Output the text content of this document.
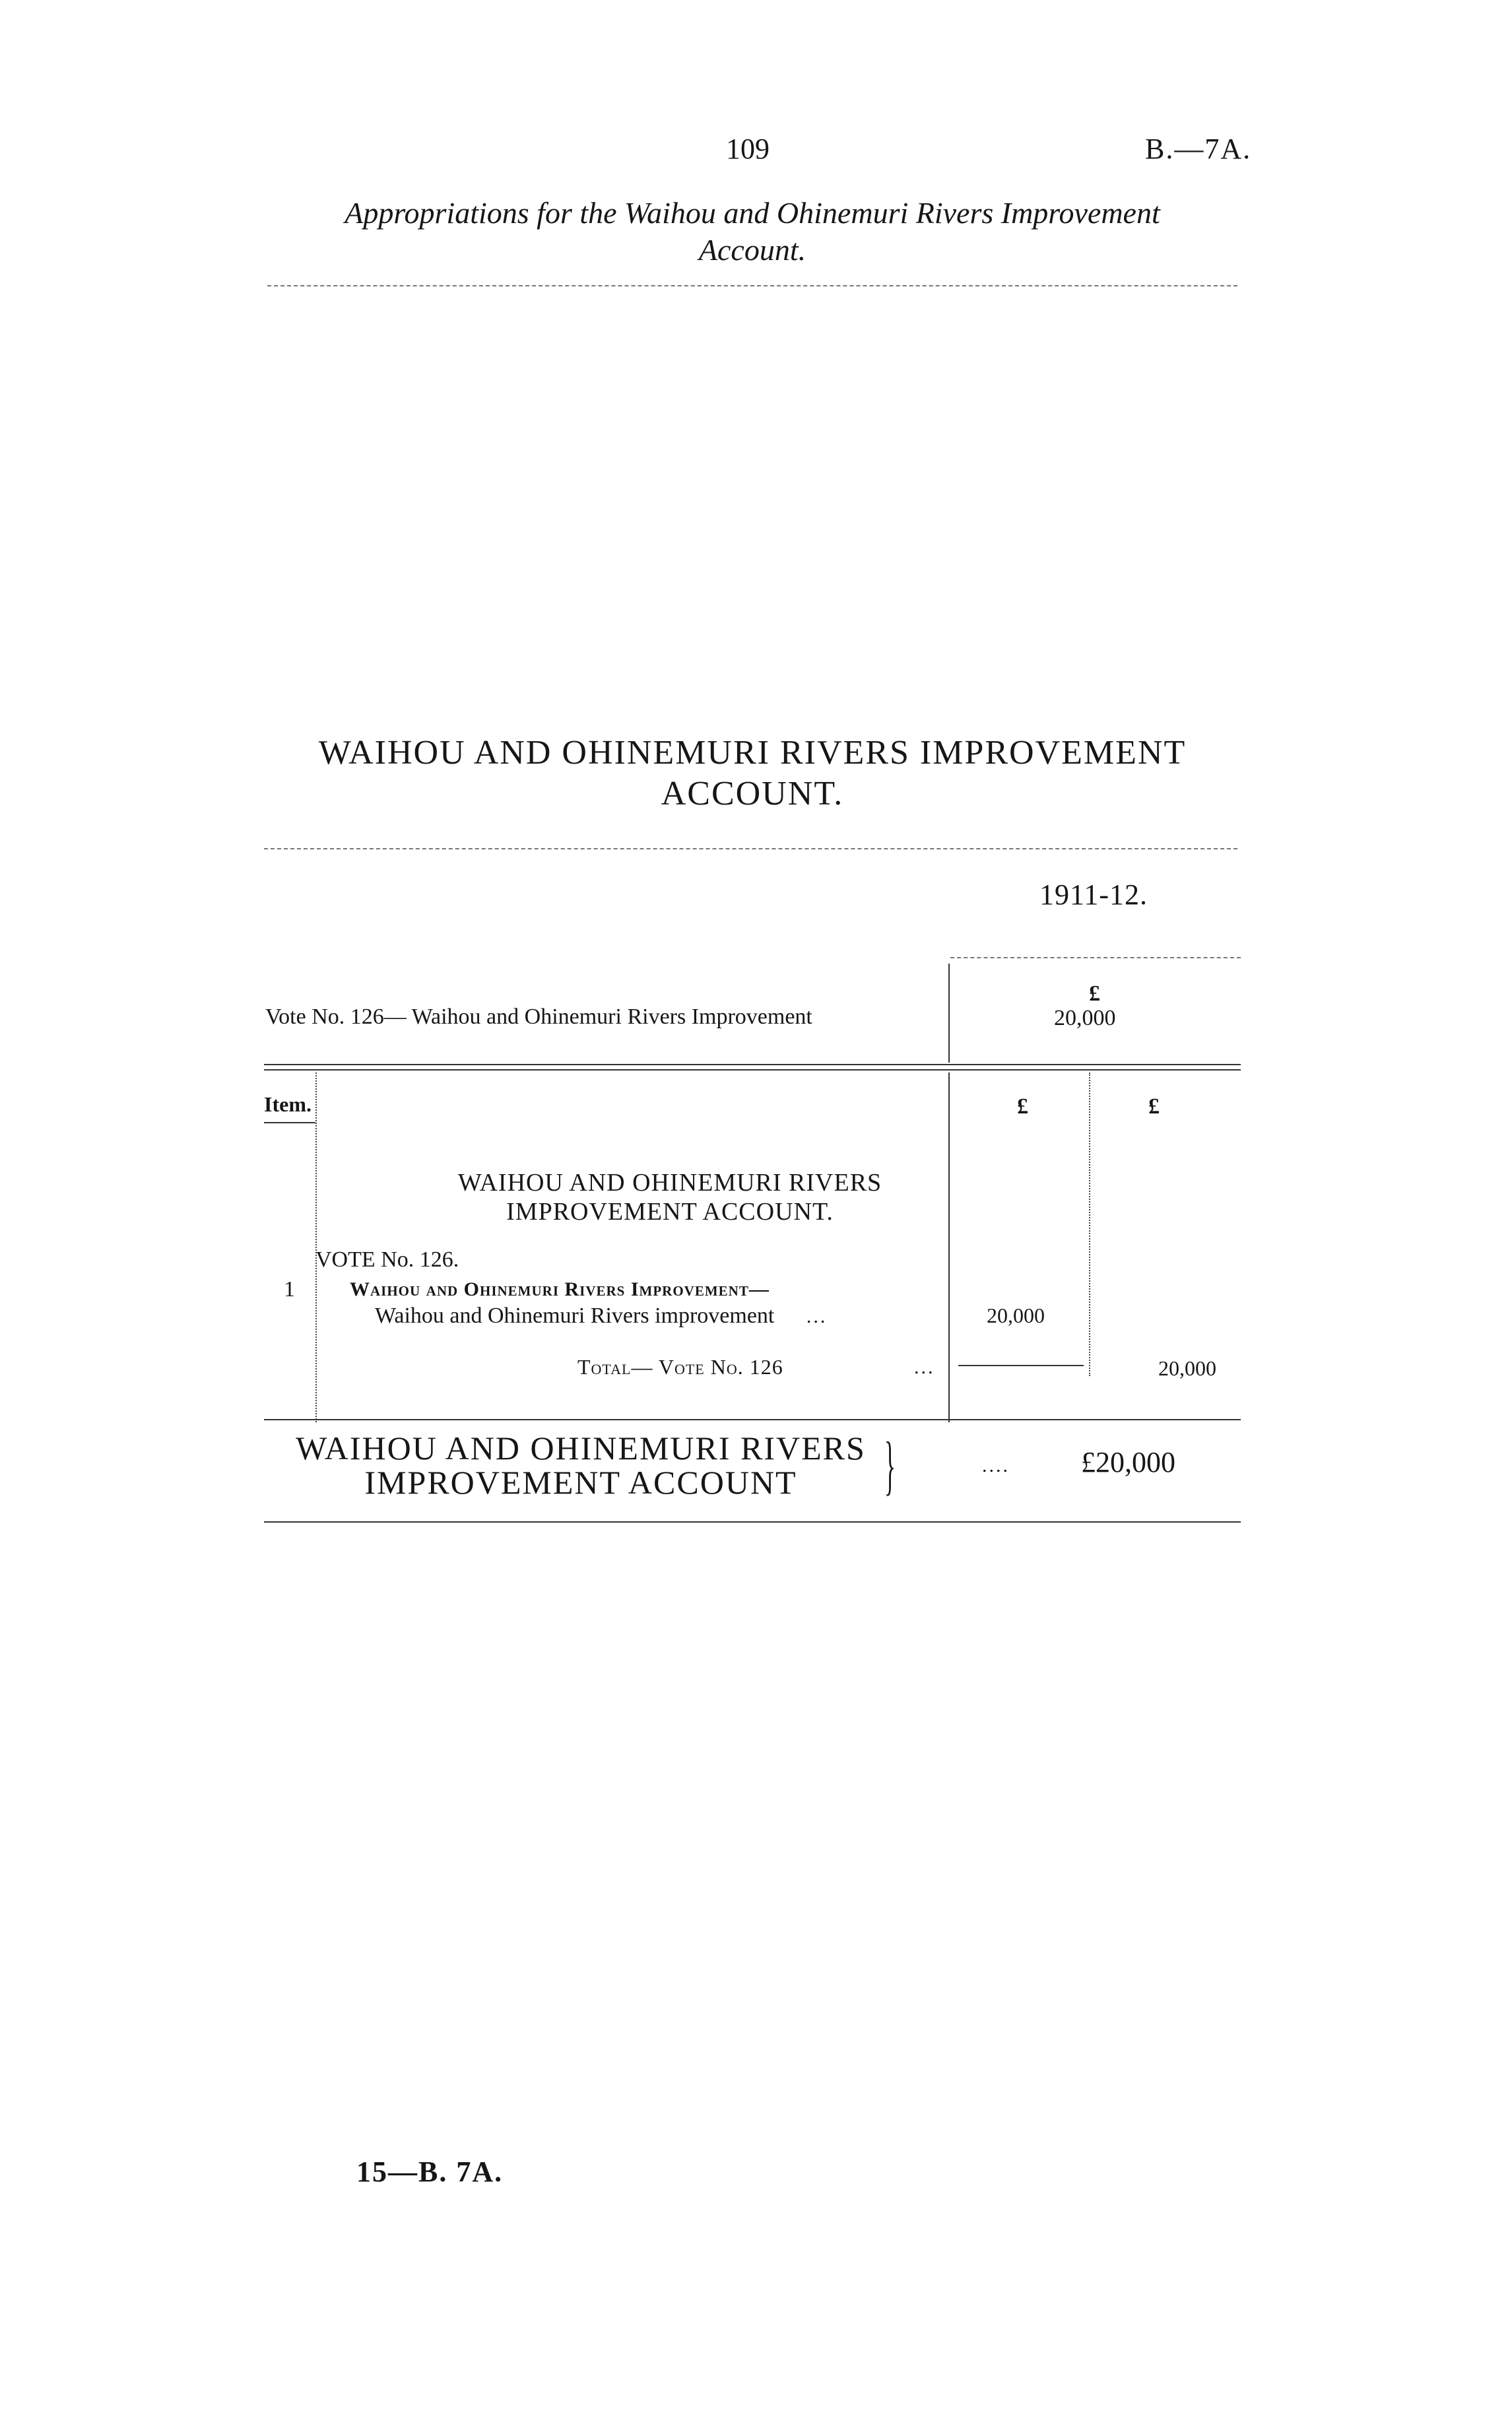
109	B.—7A.
Appropriations for the Waihou and Ohinemuri Rivers Improvement
Account.
WAIHOU AND OHINEMURI RIVERS IMPROVEMENT
ACCOUNT.
1911-12.
£
Vote No. 126— Waihou and Ohinemuri Rivers Improvement	20,000
Item.	£	£
WAIHOU AND OHINEMURI RIVERS
IMPROVEMENT ACCOUNT.
VOTE No. 126.
1	Waihou and Ohinemuri Rivers Improvement—
Waihou and Ohinemuri Rivers improvement ...	20,000
Total— Vote No. 126	...	20,000
WAIHOU AND OHINEMURI RIVERS
IMPROVEMENT ACCOUNT	}	.... £20,000
15—B. 7A.
